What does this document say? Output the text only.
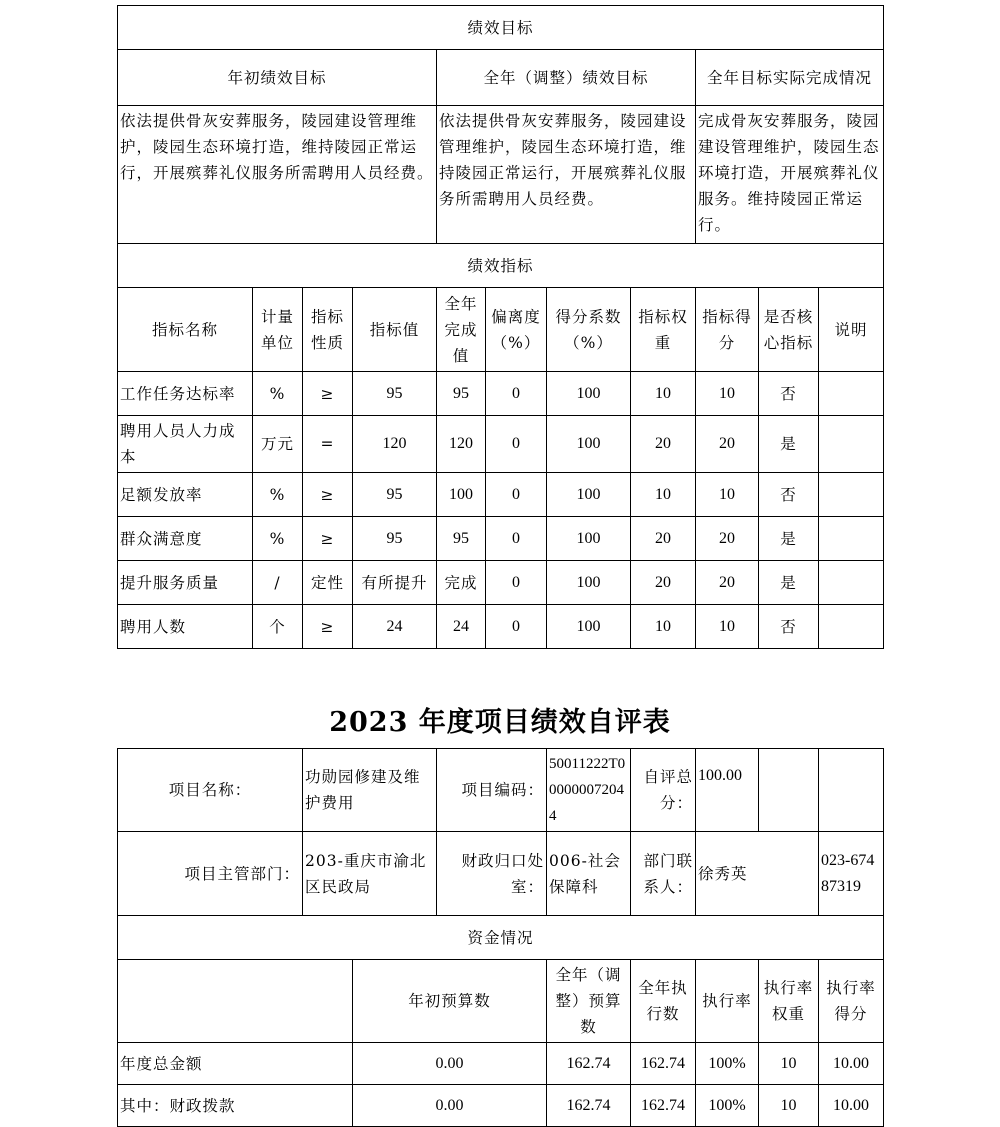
绩效目标										
年初绩效目标				全年（调整）绩效目标				全年目标实际完成情况		
依法提供骨灰安葬服务，陵园建设管理维护，陵园生态环境打造，维持陵园正常运行，开展殡葬礼仪服务所需聘用人员经费。				依法提供骨灰安葬服务，陵园建设管理维护，陵园生态环境打造，维持陵园正常运行，开展殡葬礼仪服务所需聘用人员经费。				完成骨灰安葬服务，陵园建设管理维护，陵园生态环境打造，开展殡葬礼仪服务。维持陵园正常运行。		
绩效指标										
指标名称	计量单位	指标性质	指标值	全年完成值	偏离度（%）	得分系数（%）	指标权重	指标得分	是否核心指标	说明
工作任务达标率	%	≥	95	95	0	100	10	10	否	
聘用人员人力成本	万元	=	120	120	0	100	20	20	是	
足额发放率	%	≥	95	100	0	100	10	10	否	
群众满意度	%	≥	95	95	0	100	20	20	是	
提升服务质量	/	定性	有所提升	完成	0	100	20	20	是	
聘用人数	个	≥	24	24	0	100	10	10	否	
2023 年度项目绩效自评表
项目名称：	功勋园修建及维护费用		项目编码：	50011222T000000072044	自评总分：	100.00		
项目主管部门：	203-重庆市渝北区民政局		财政归口处室：	006-社会保障科	部门联系人：	徐秀英		023-67487319
资金情况								
		年初预算数		全年（调整）预算数	全年执行数	执行率	执行率权重	执行率得分
年度总金额		0.00		162.74	162.74	100%	10	10.00
其中：财政拨款		0.00		162.74	162.74	100%	10	10.00
